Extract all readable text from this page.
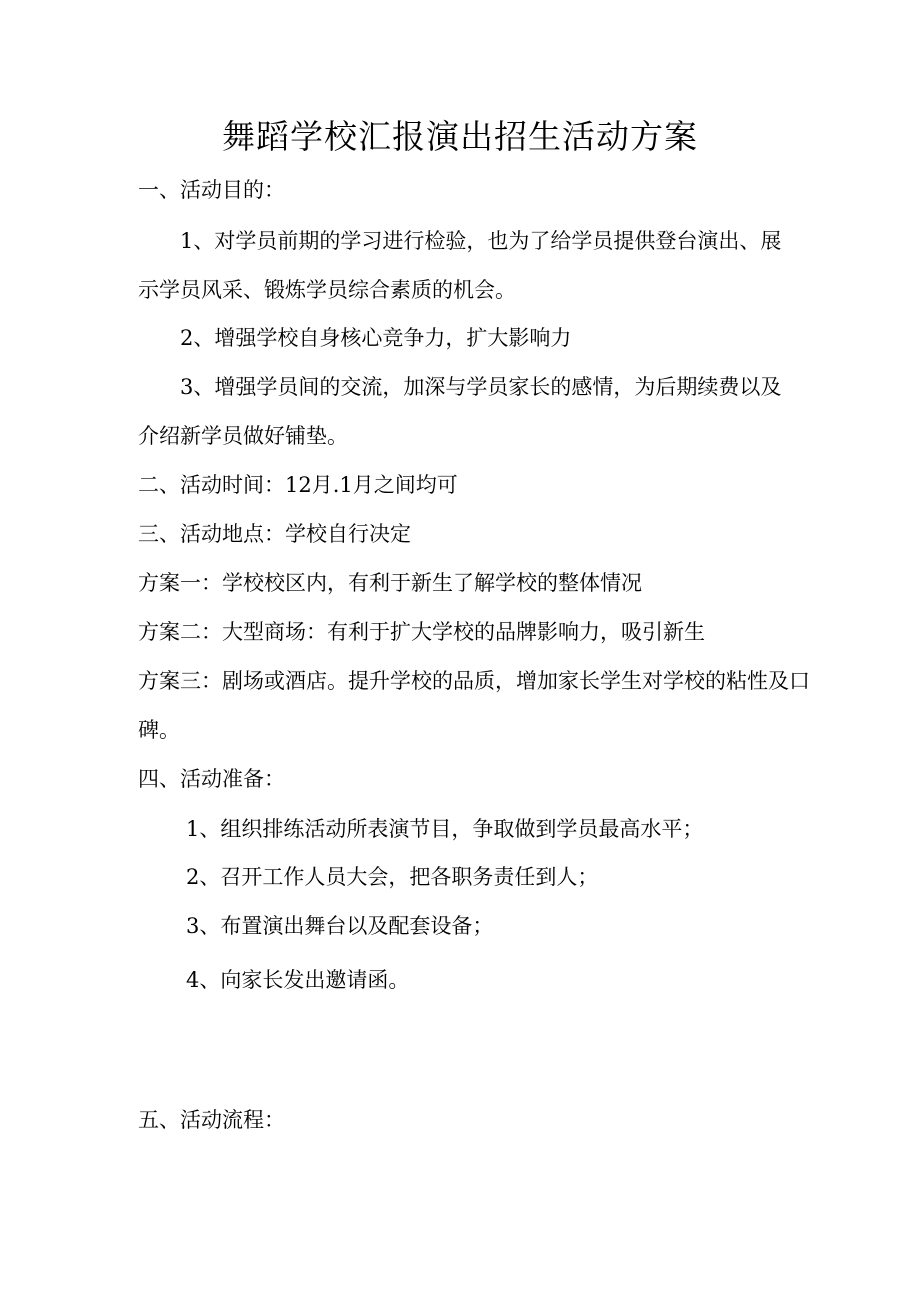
舞蹈学校汇报演出招生活动方案
一、活动目的：
1、对学员前期的学习进行检验，也为了给学员提供登台演出、展示学员风采、锻炼学员综合素质的机会。
2、增强学校自身核心竞争力，扩大影响力
3、增强学员间的交流，加深与学员家长的感情，为后期续费以及介绍新学员做好铺垫。
二、活动时间：12月.1月之间均可
三、活动地点：学校自行决定
方案一：学校校区内，有利于新生了解学校的整体情况
方案二：大型商场：有利于扩大学校的品牌影响力，吸引新生
方案三：剧场或酒店。提升学校的品质，增加家长学生对学校的粘性及口
碑。
四、活动准备：
1、组织排练活动所表演节目，争取做到学员最高水平；
2、召开工作人员大会，把各职务责任到人；
3、布置演出舞台以及配套设备；
4、向家长发出邀请函。
五、活动流程：
